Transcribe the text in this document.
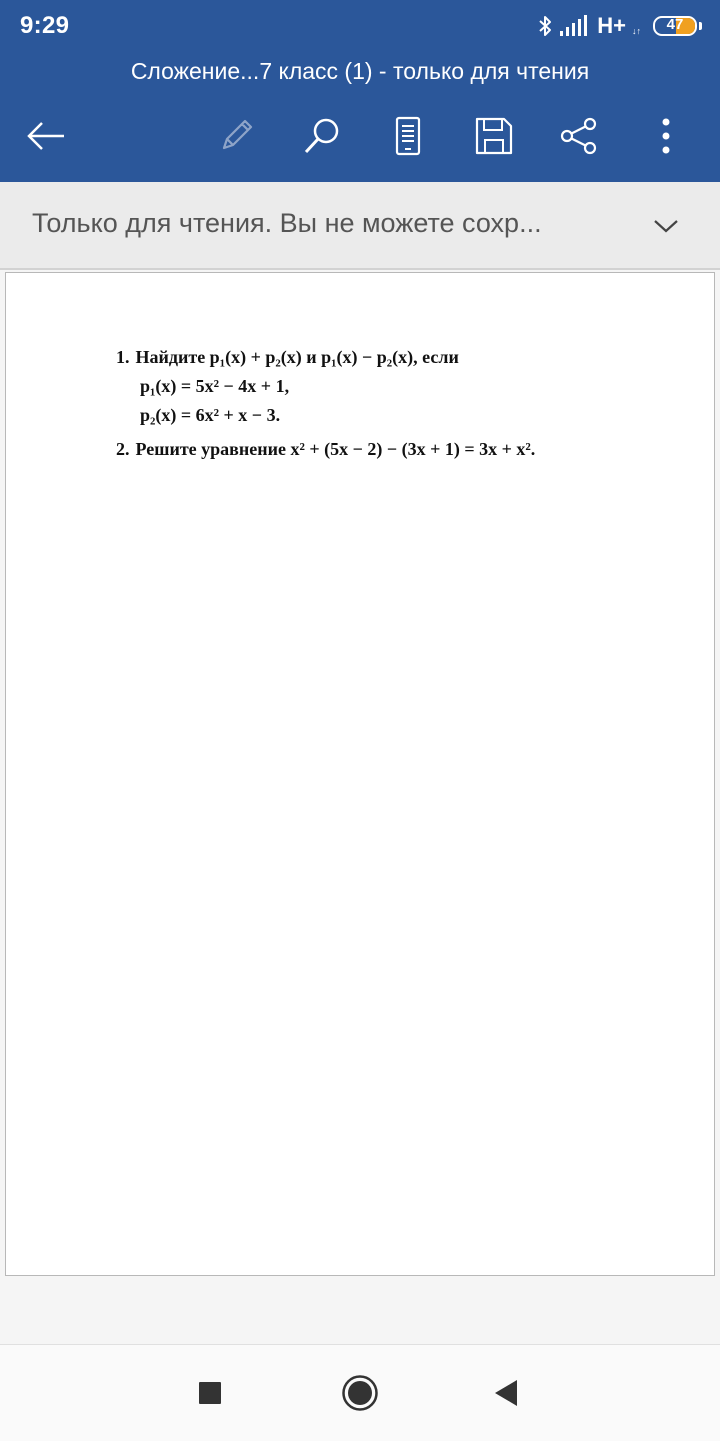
9:29	H+ ↓↑	47
Сложение...7 класс (1) - только для чтения
Только для чтения. Вы не можете сохр...
1. Найдите p₁(x) + p₂(x) и p₁(x) − p₂(x), если
p₁(x) = 5x² − 4x + 1,
p₂(x) = 6x² + x − 3.
2. Решите уравнение x² + (5x − 2) − (3x + 1) = 3x + x².
